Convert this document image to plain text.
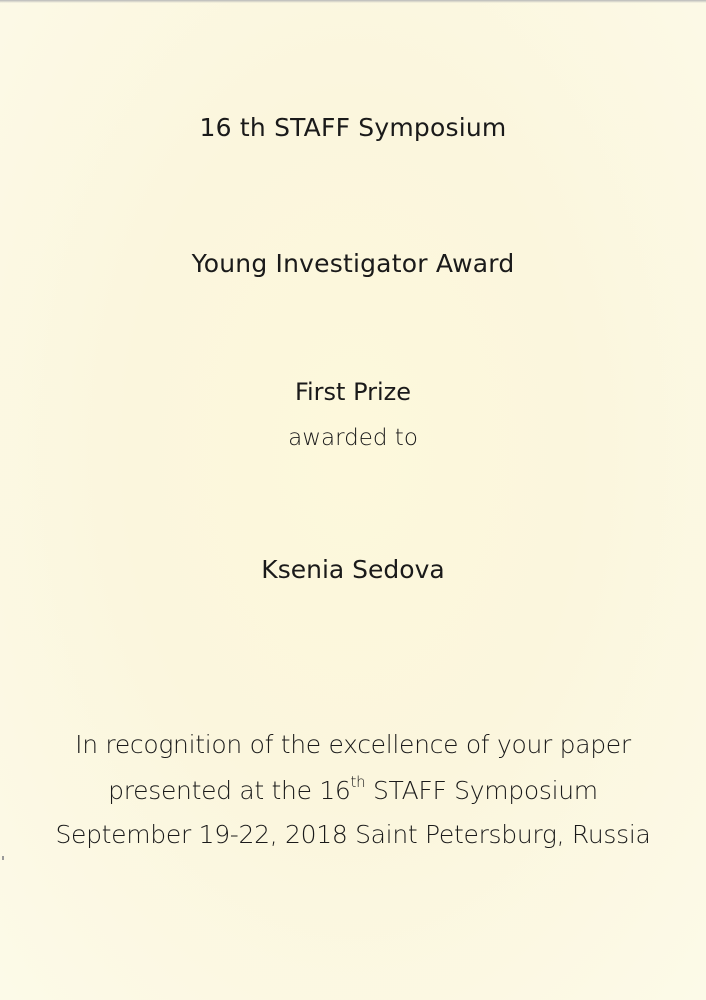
16 th STAFF Symposium
Young Investigator Award
First Prize
awarded to
Ksenia Sedova
In recognition of the excellence of your paper
presented at the 16th STAFF Symposium
September 19-22, 2018 Saint Petersburg, Russia
